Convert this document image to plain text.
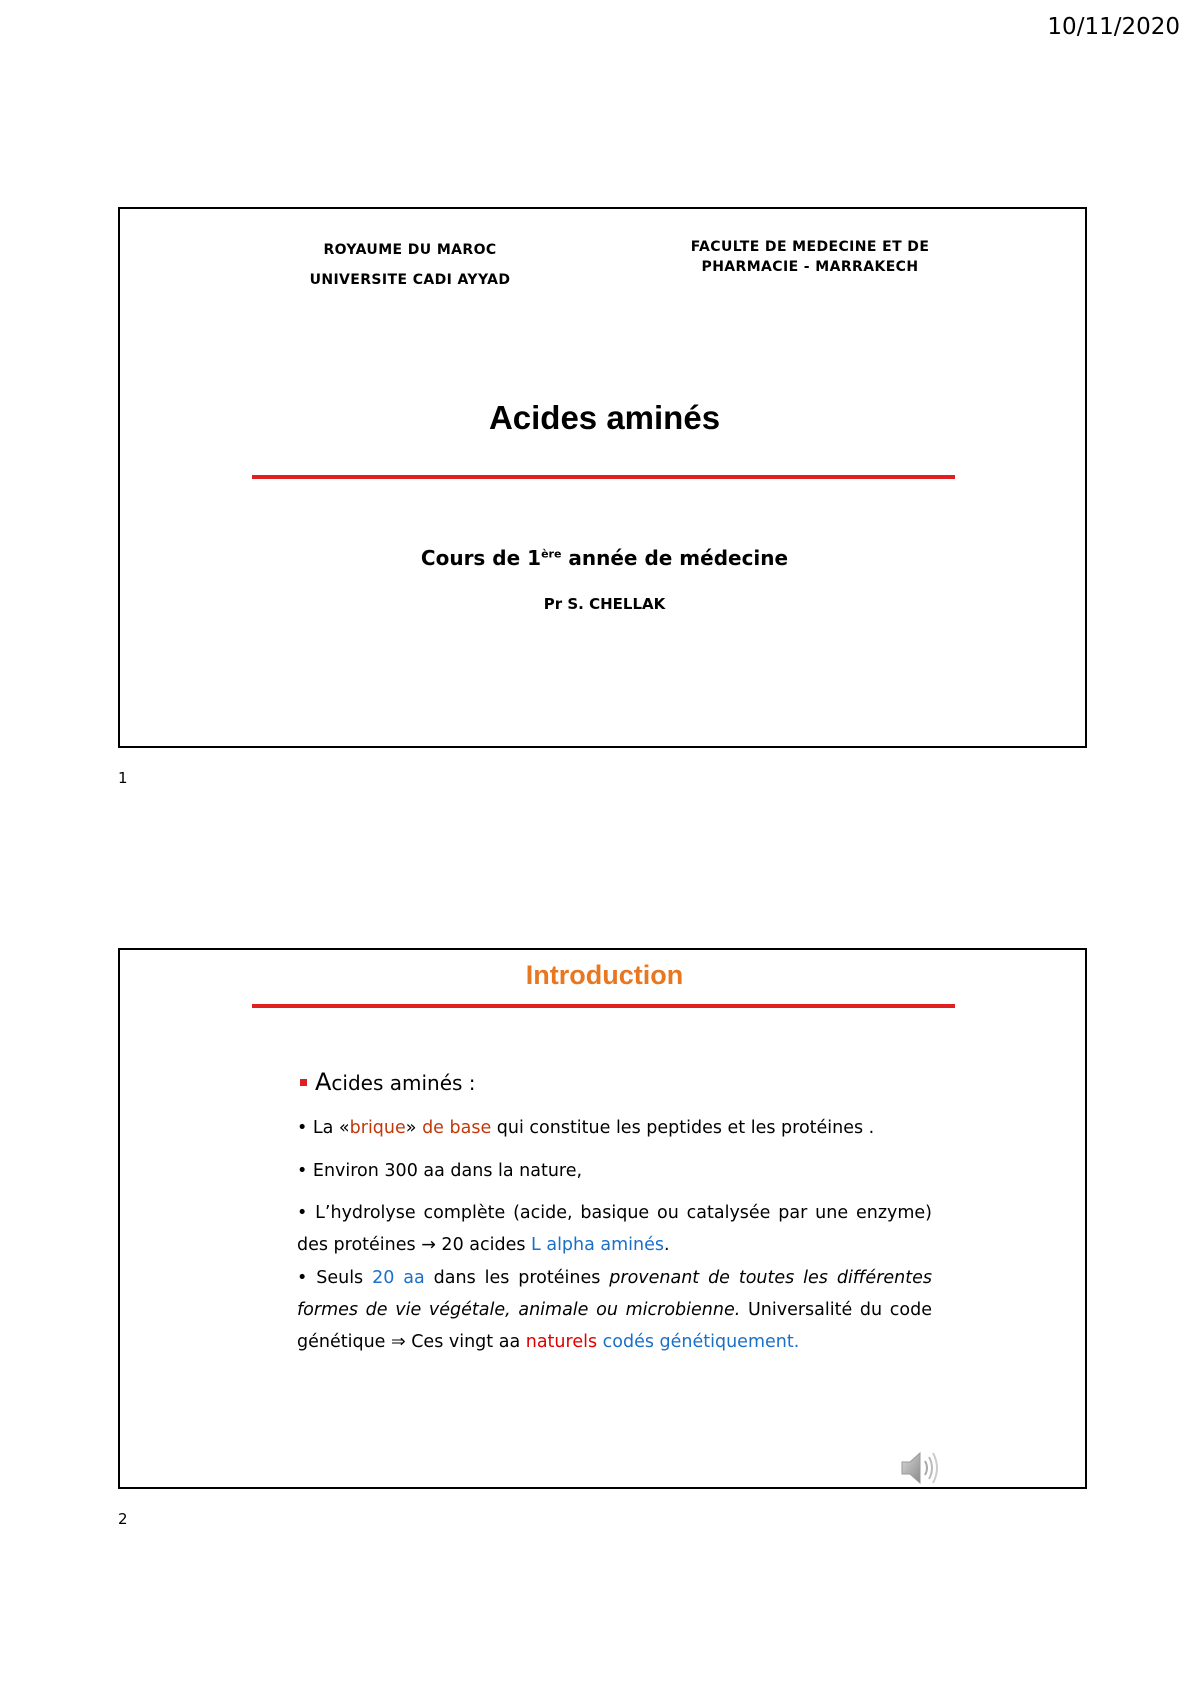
10/11/2020
ROYAUME DU MAROC
UNIVERSITE CADI AYYAD
FACULTE DE MEDECINE ET DE
PHARMACIE - MARRAKECH
Acides aminés
Cours de 1ère année de médecine
Pr S. CHELLAK
1
Introduction
Acides aminés :
• La «brique» de base qui constitue les peptides et les protéines .
• Environ 300 aa dans la nature,
• L’hydrolyse complète (acide, basique ou catalysée par une enzyme) des protéines → 20 acides L alpha aminés.
• Seuls 20 aa dans les protéines provenant de toutes les différentes formes de vie végétale, animale ou microbienne. Universalité du code génétique ⇒ Ces vingt aa naturels codés génétiquement.
2
